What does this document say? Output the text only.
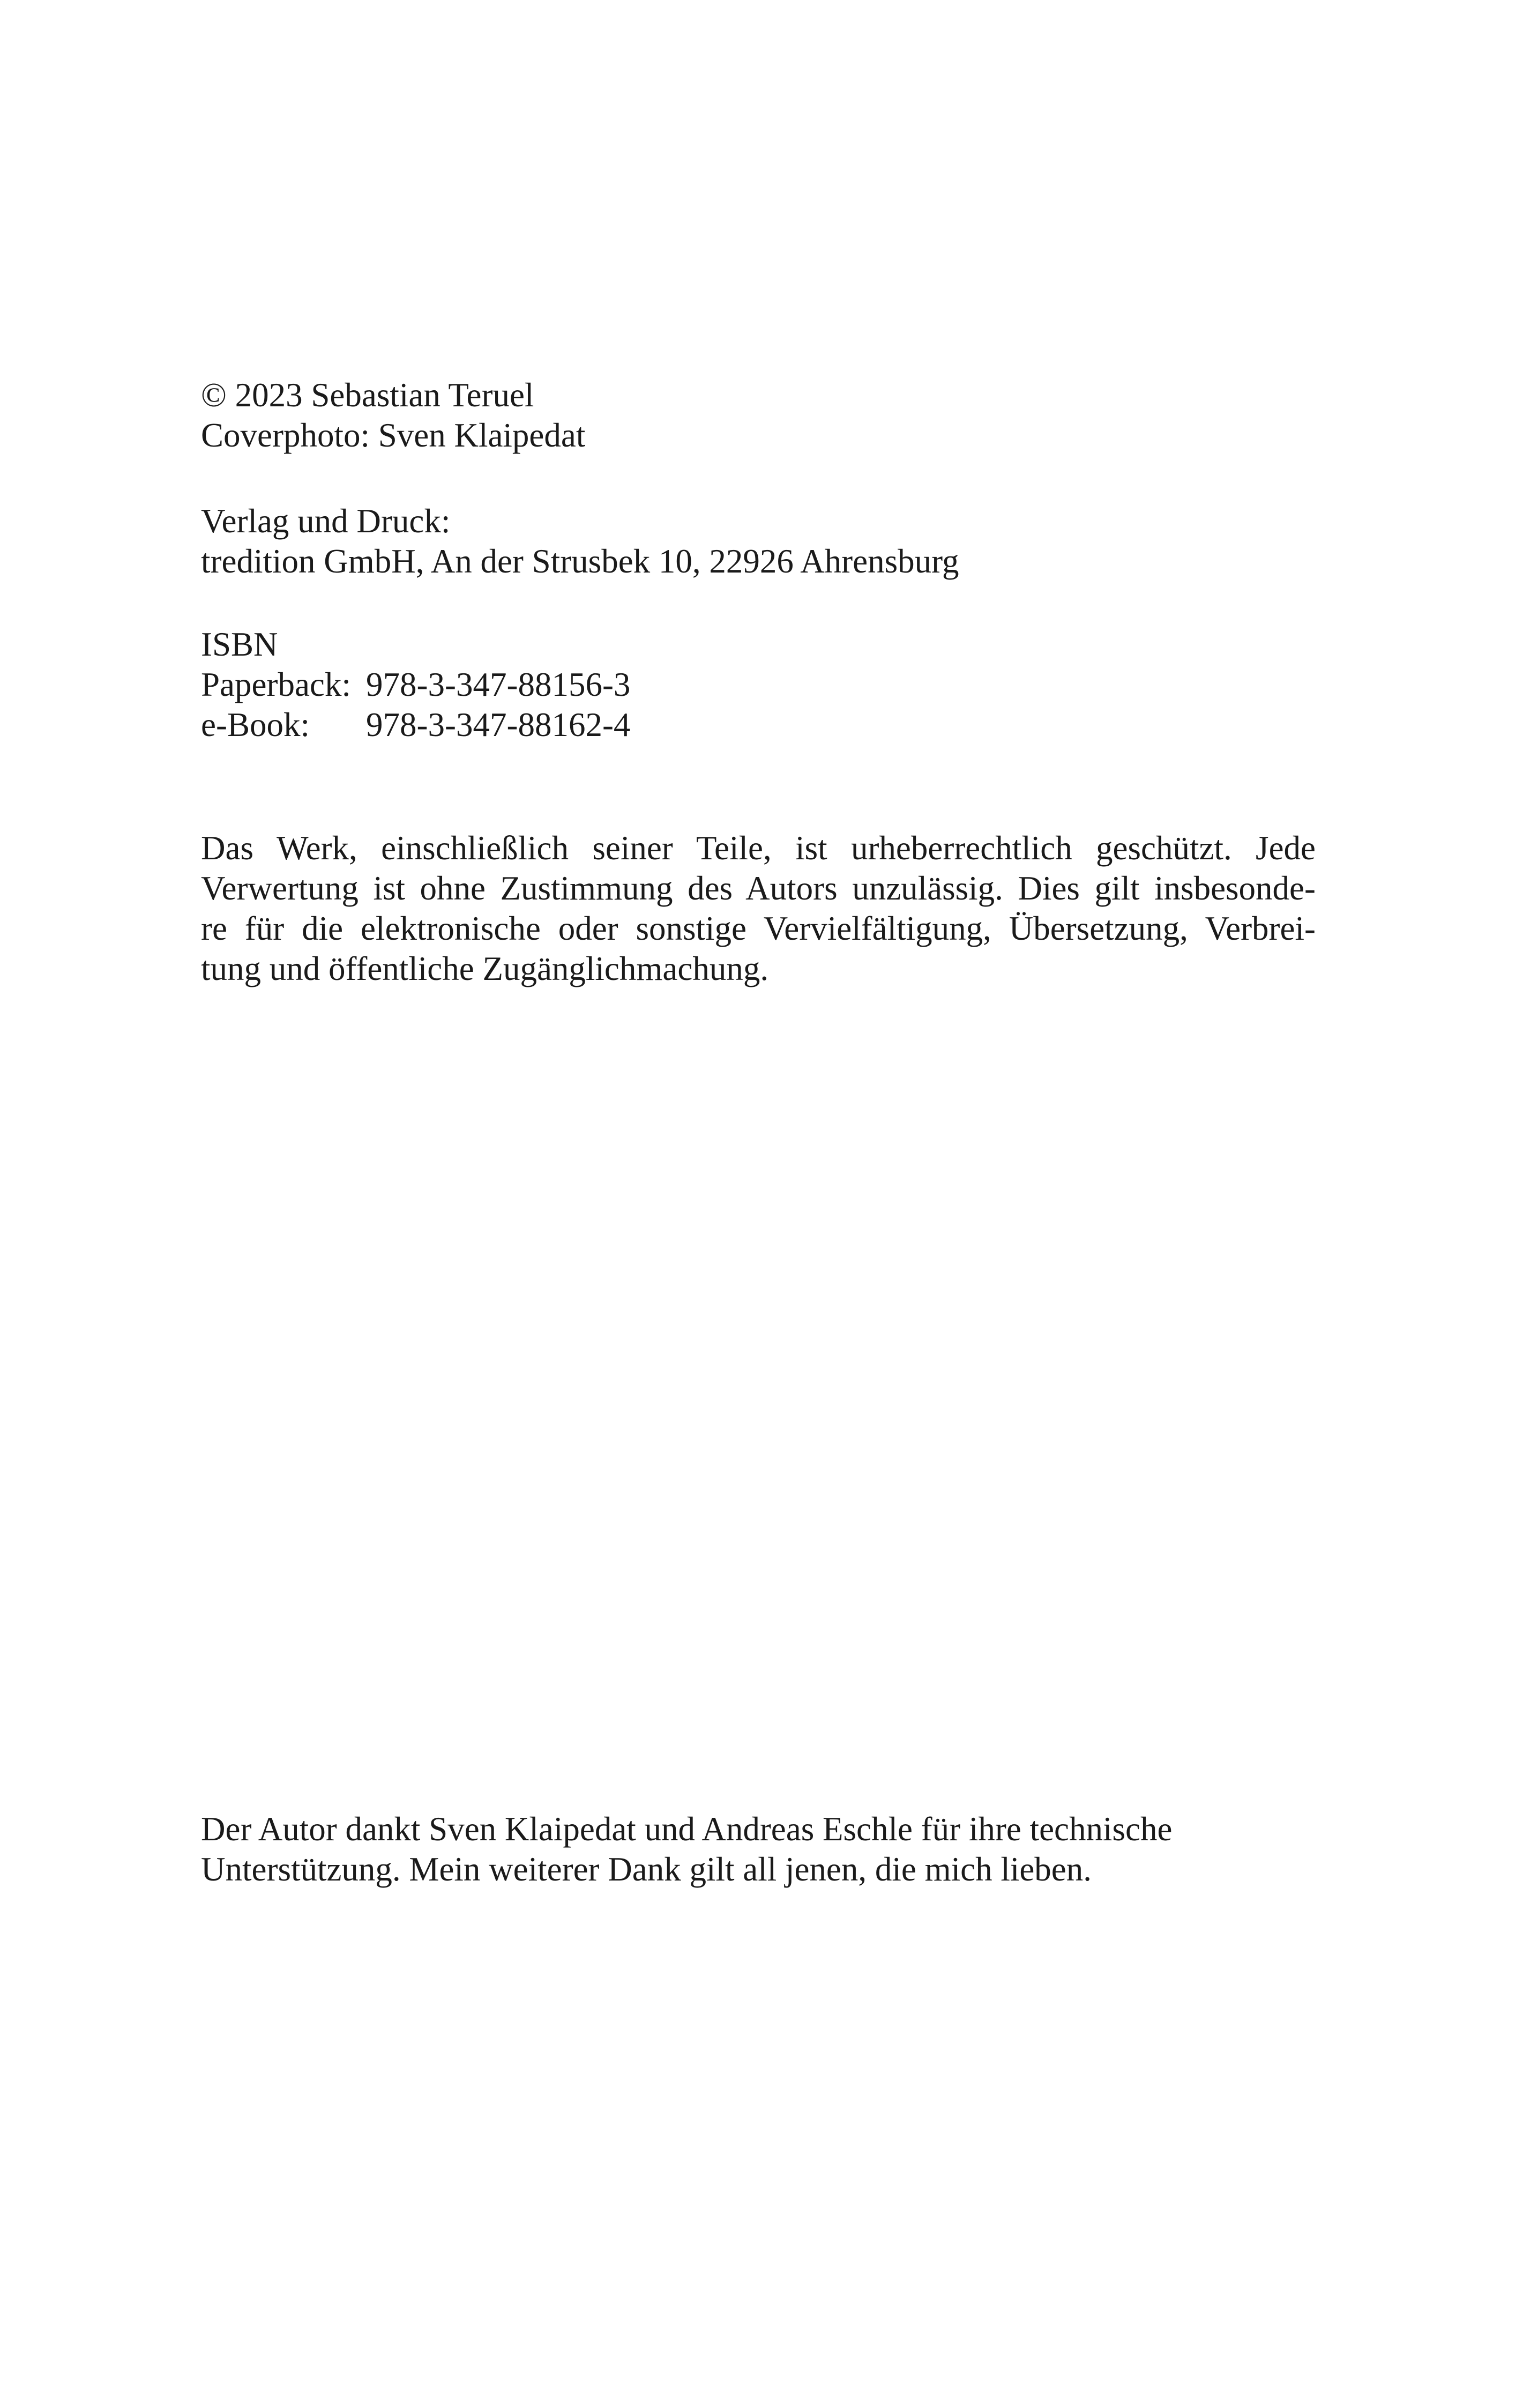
© 2023 Sebastian Teruel
Coverphoto: Sven Klaipedat
Verlag und Druck:
tredition GmbH, An der Strusbek 10, 22926 Ahrensburg
ISBN
Paperback: 978-3-347-88156-3
e-Book:	978-3-347-88162-4
Das Werk, einschließlich seiner Teile, ist urheberrechtlich geschützt. Jede
Verwertung ist ohne Zustimmung des Autors unzulässig. Dies gilt insbesonde-
re für die elektronische oder sonstige Vervielfältigung, Übersetzung, Verbrei-
tung und öffentliche Zugänglichmachung.
Der Autor dankt Sven Klaipedat und Andreas Eschle für ihre technische
Unterstützung. Mein weiterer Dank gilt all jenen, die mich lieben.
